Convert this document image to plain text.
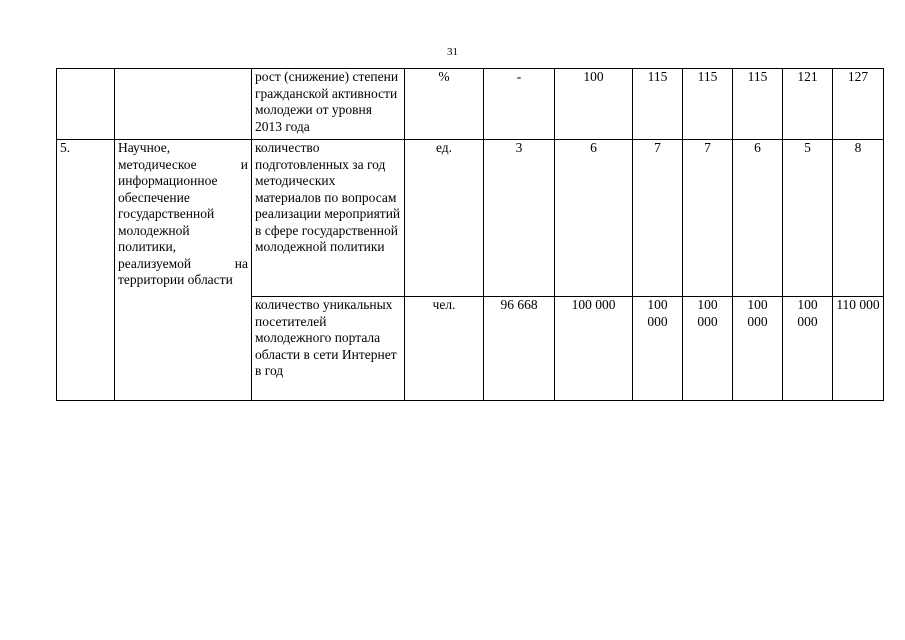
31
		рост (снижение) степени гражданской активности молодежи от уровня 2013 года	%	-	100	115	115	115	121	127
5.	Научное, методическое и информационное обеспечение государственной молодежной политики, реализуемой на территории области	количество подготовленных за год методических материалов по вопросам реализации мероприятий в сфере государственной молодежной политики	ед.	3	6	7	7	6	5	8
		количество уникальных посетителей молодежного портала области в сети Интернет в год	чел.	96 668	100 000	100 000	100 000	100 000	100 000	110 000
